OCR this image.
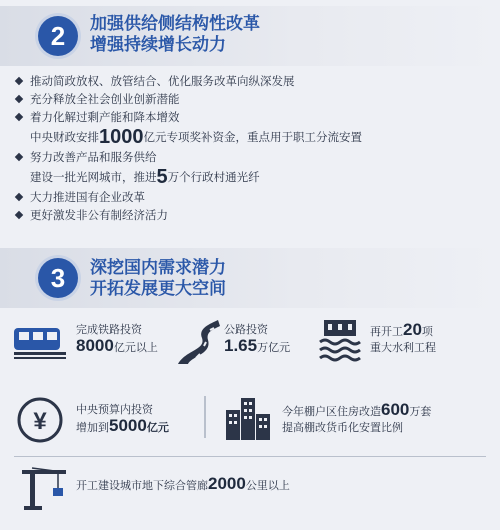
2	加强供给侧结构性改革
增强持续增长动力
推动简政放权、放管结合、优化服务改革向纵深发展
充分释放全社会创业创新潜能
着力化解过剩产能和降本增效
中央财政安排1000亿元专项奖补资金，重点用于职工分流安置
努力改善产品和服务供给
建设一批光网城市，推进5万个行政村通光纤
大力推进国有企业改革
更好激发非公有制经济活力
3	深挖国内需求潜力
开拓发展更大空间
完成铁路投资
8000亿元以上
公路投资
1.65万亿元
再开工20项
重大水利工程
¥	中央预算内投资
增加到5000亿元
今年棚户区住房改造600万套
提高棚改货币化安置比例
开工建设城市地下综合管廊2000公里以上
